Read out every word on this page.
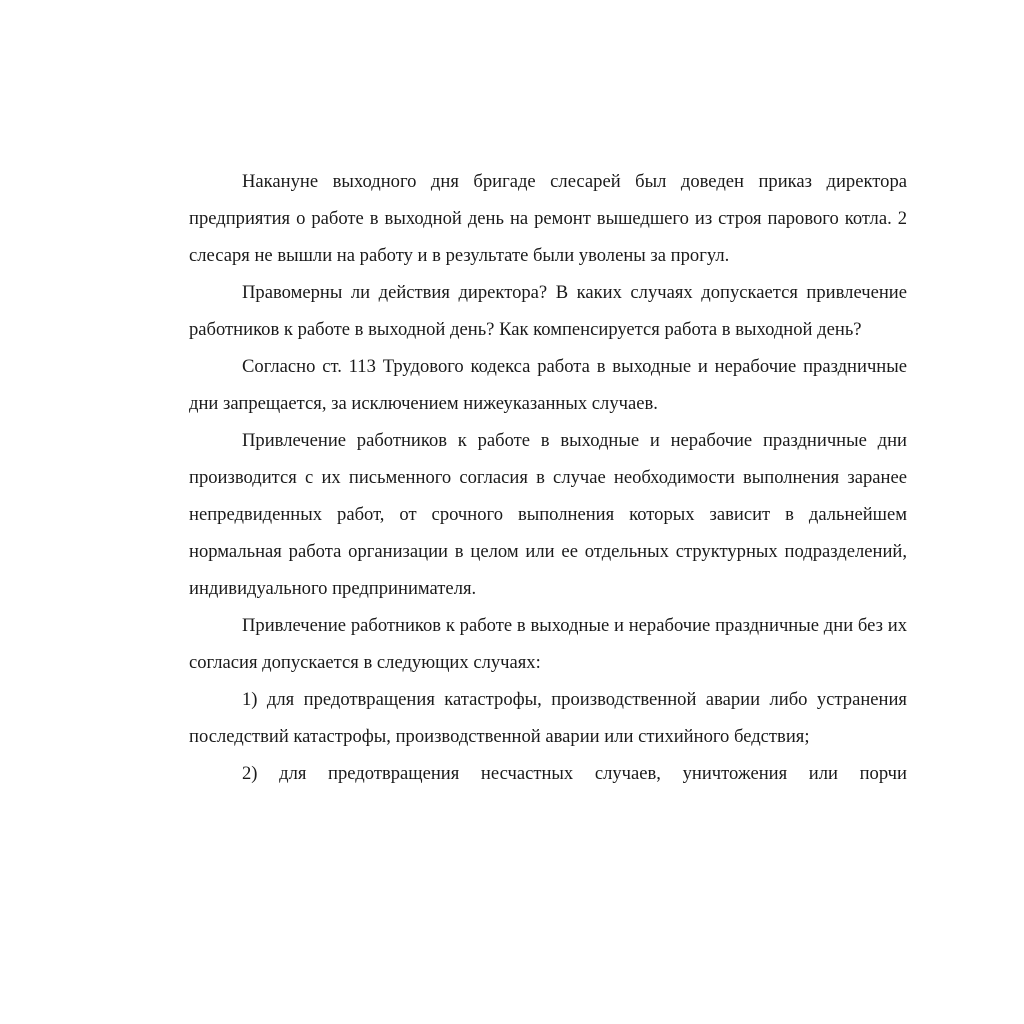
Накануне выходного дня бригаде слесарей был доведен приказ директора предприятия о работе в выходной день на ремонт вышедшего из строя парового котла. 2 слесаря не вышли на работу и в результате были уволены за прогул.

Правомерны ли действия директора? В каких случаях допускается привлечение работников к работе в выходной день? Как компенсируется работа в выходной день?

Согласно ст. 113 Трудового кодекса работа в выходные и нерабочие праздничные дни запрещается, за исключением нижеуказанных случаев.

Привлечение работников к работе в выходные и нерабочие праздничные дни производится с их письменного согласия в случае необходимости выполнения заранее непредвиденных работ, от срочного выполнения которых зависит в дальнейшем нормальная работа организации в целом или ее отдельных структурных подразделений, индивидуального предпринимателя.

Привлечение работников к работе в выходные и нерабочие праздничные дни без их согласия допускается в следующих случаях:

1) для предотвращения катастрофы, производственной аварии либо устранения последствий катастрофы, производственной аварии или стихийного бедствия;

2) для предотвращения несчастных случаев, уничтожения или порчи
